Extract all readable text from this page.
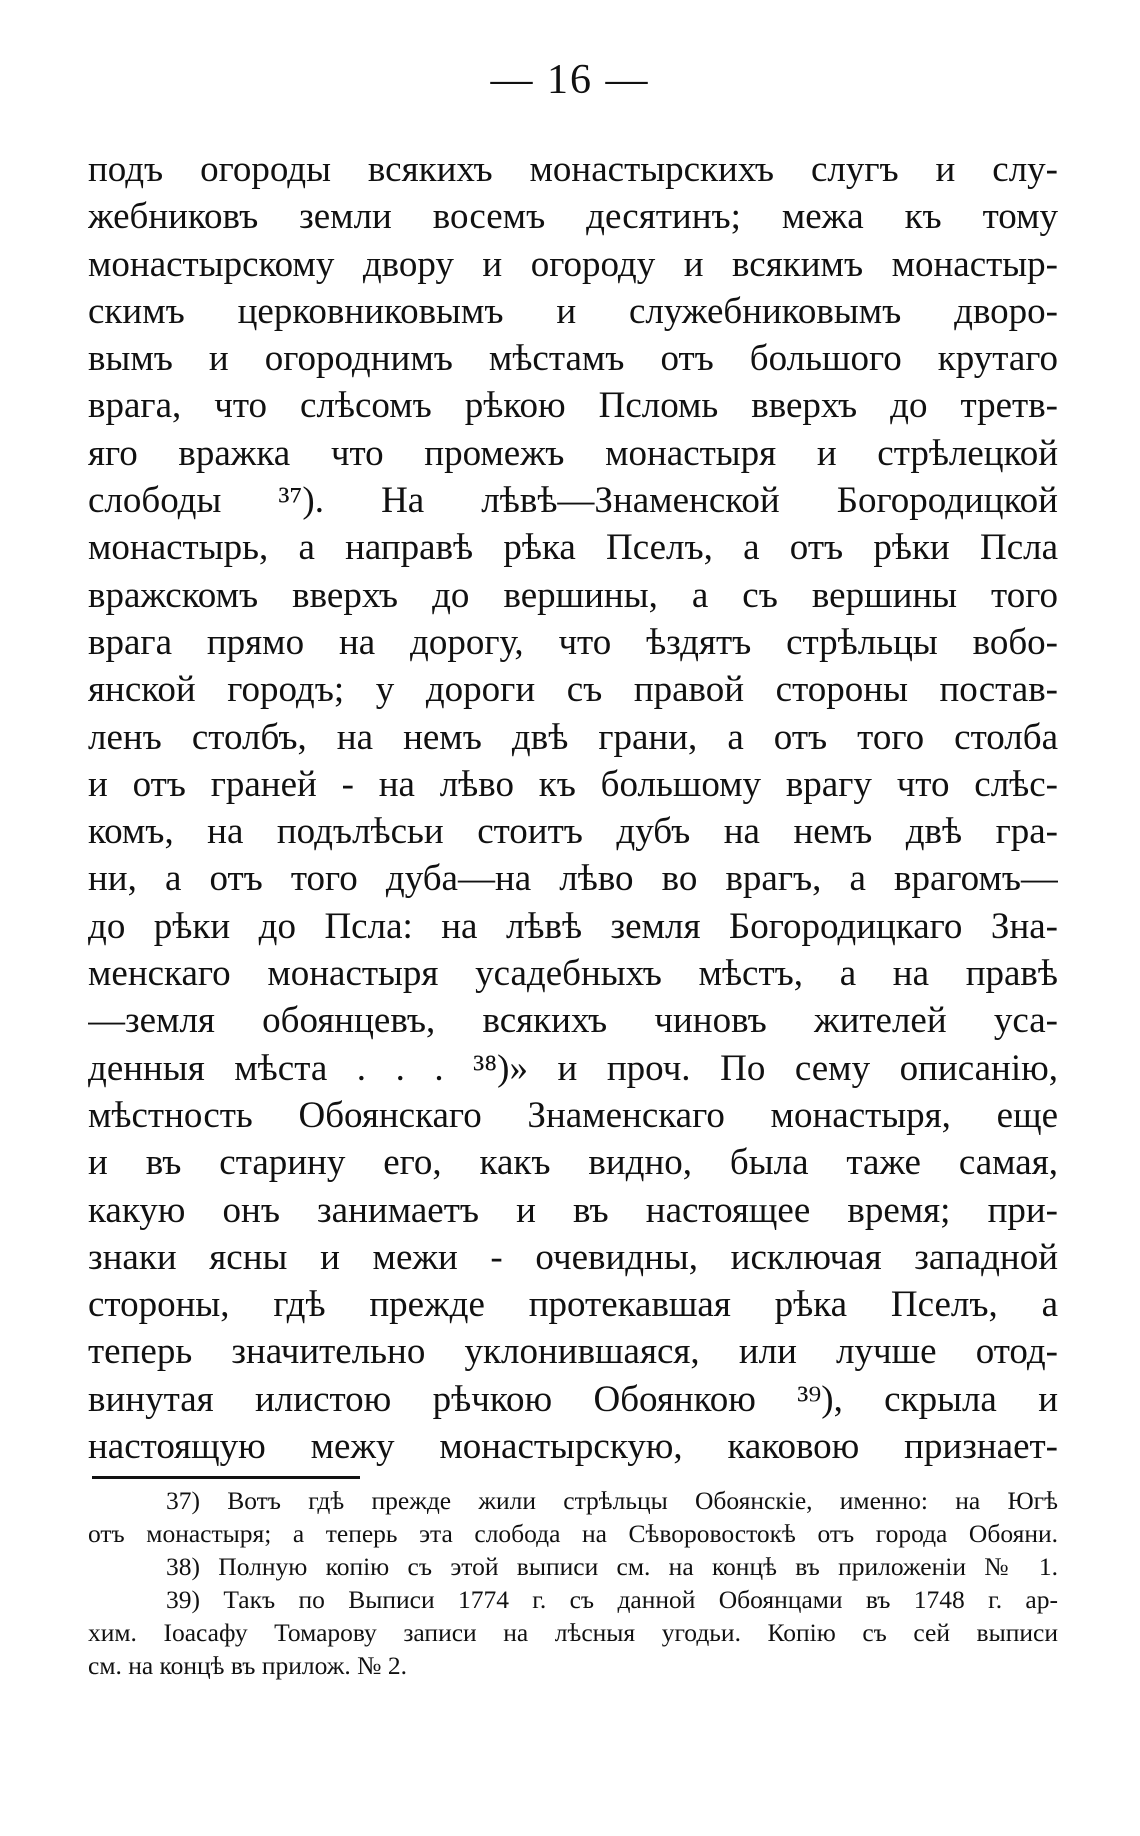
— 16 —
подъ огороды всякихъ монастырскихъ слугъ и слу-
жебниковъ земли восемъ десятинъ; межа къ тому
монастырскому двору и огороду и всякимъ монастыр-
скимъ церковниковымъ и служебниковымъ дворо-
вымъ и огороднимъ мѣстамъ отъ большого крутаго
врага, что слѣсомъ рѣкою Псломь вверхъ до третв-
яго вражка что промежъ монастыря и стрѣлецкой
слободы ³⁷). На лѣвѣ—Знаменской Богородицкой
монастырь, а направѣ рѣка Пселъ, а отъ рѣки Псла
вражскомъ вверхъ до вершины, а съ вершины того
врага прямо на дорогу, что ѣздятъ стрѣльцы вобо-
янской городъ; у дороги съ правой стороны постав-
ленъ столбъ, на немъ двѣ грани, а отъ того столба
и отъ граней - на лѣво къ большому врагу что слѣс-
комъ, на подълѣсьи стоитъ дубъ на немъ двѣ гра-
ни, а отъ того дуба—на лѣво во врагъ, а врагомъ—
до рѣки до Псла: на лѣвѣ земля Богородицкаго Зна-
менскаго монастыря усадебныхъ мѣстъ, а на правѣ
—земля обоянцевъ, всякихъ чиновъ жителей уса-
денныя мѣста . . . ³⁸)» и проч. По сему описанію,
мѣстность Обоянскаго Знаменскаго монастыря, еще
и въ старину его, какъ видно, была таже самая,
какую онъ занимаетъ и въ настоящее время; при-
знаки ясны и межи - очевидны, исключая западной
стороны, гдѣ прежде протекавшая рѣка Пселъ, а
теперь значительно уклонившаяся, или лучше отод-
винутая илистою рѣчкою Обоянкою ³⁹), скрыла и
настоящую межу монастырскую, каковою признает-
37) Вотъ гдѣ прежде жили стрѣльцы Обоянскіе, именно: на Югѣ
отъ монастыря; а теперь эта слобода на Сѣворовостокѣ отъ города Обояни.
38) Полную копію съ этой выписи см. на концѣ въ приложеніи № 1.
39) Такъ по Выписи 1774 г. съ данной Обоянцами въ 1748 г. ар-
хим. Іоасафу Томарову записи на лѣсныя угодьи. Копію съ сей выписи
см. на концѣ въ прилож. № 2.
